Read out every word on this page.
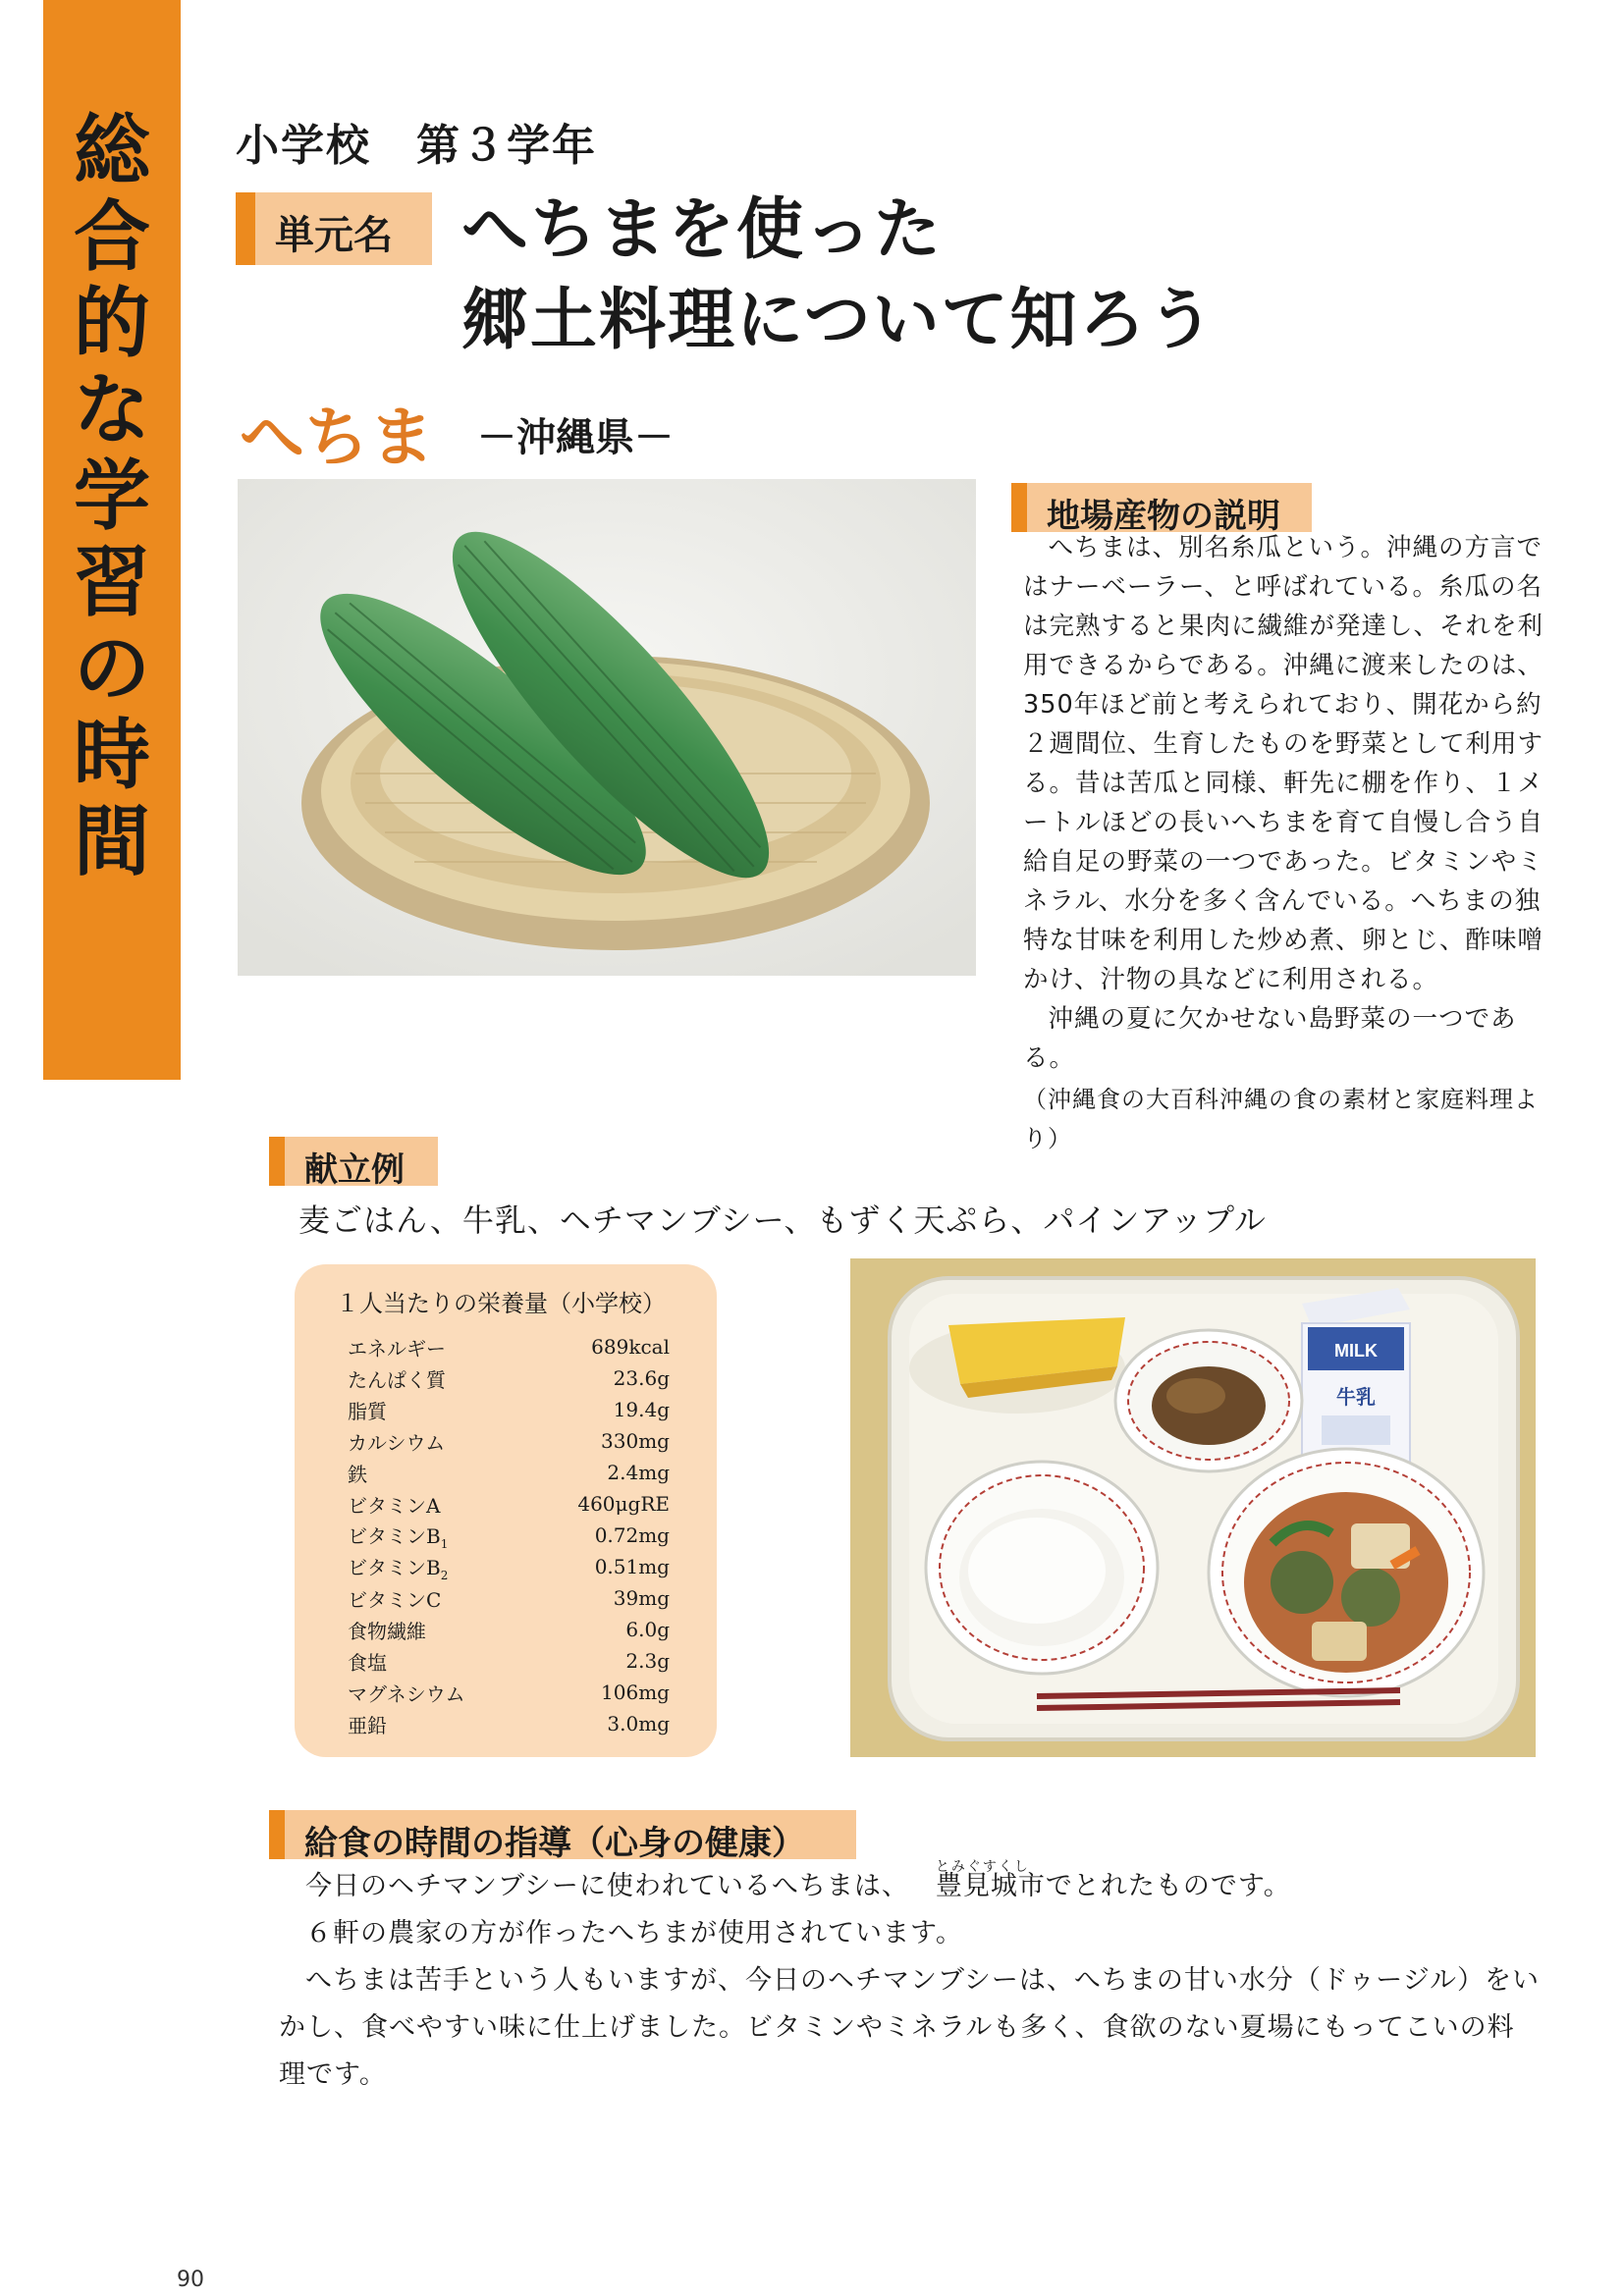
総
合
的
な
学
習
の
時
間
小学校　第３学年
単元名 へちまを使った
郷土料理について知ろう
へちま －沖縄県－
地場産物の説明

へちまは、別名糸瓜という。沖縄の方言ではナーベーラー、と呼ばれている。糸瓜の名は完熟すると果肉に繊維が発達し、それを利用できるからである。沖縄に渡来したのは、350年ほど前と考えられており、開花から約２週間位、生育したものを野菜として利用する。昔は苦瓜と同様、軒先に棚を作り、１メートルほどの長いへちまを育て自慢し合う自給自足の野菜の一つであった。ビタミンやミネラル、水分を多く含んでいる。へちまの独特な甘味を利用した炒め煮、卵とじ、酢味噌かけ、汁物の具などに利用される。

沖縄の夏に欠かせない島野菜の一つである。

（沖縄食の大百科沖縄の食の素材と家庭料理より）

献立例
麦ごはん、牛乳、ヘチマンブシー、もずく天ぷら、パインアップル
１人当たりの栄養量（小学校）
エネルギー	689kcal
たんぱく質	23.6g
脂質	19.4g
カルシウム	330mg
鉄	2.4mg
ビタミンA	460μgRE
ビタミン$B_1$	0.72mg
ビタミン$B_2$	0.51mg
ビタミンC	39mg
食物繊維	6.0g
食塩	2.3g
マグネシウム	106mg
亜鉛	3.0mg
MILK
牛乳
給食の時間の指導（心身の健康）

今日のヘチマンブシーに使われているへちまは、
とみぐすくし
豊見城市でとれたものです。

６軒の農家の方が作ったへちまが使用されています。

へちまは苦手という人もいますが、今日のヘチマンブシーは、へちまの甘い水分（ドゥージル）をいかし、食べやすい味に仕上げました。ビタミンやミネラルも多く、食欲のない夏場にもってこいの料理です。

90
